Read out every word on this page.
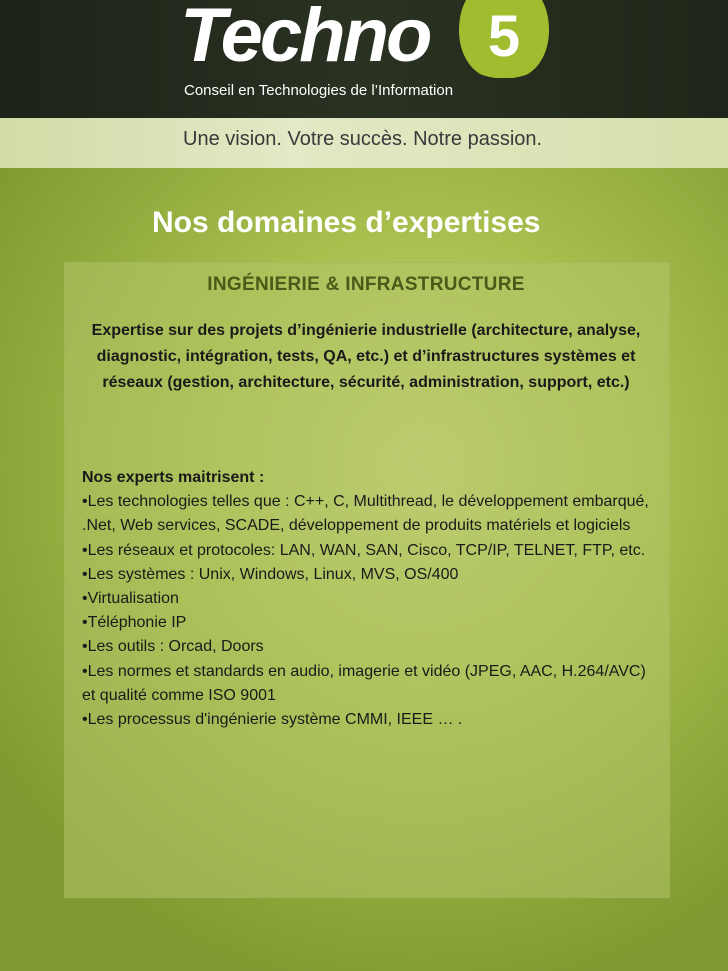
Techno	5
Conseil en Technologies de l’Information
Une vision. Votre succès. Notre passion.
Nos domaines d’expertises
INGÉNIERIE & INFRASTRUCTURE
Expertise sur des projets d’ingénierie industrielle (architecture, analyse, diagnostic, intégration, tests, QA, etc.) et d’infrastructures systèmes et réseaux (gestion, architecture, sécurité, administration, support, etc.)
Nos experts maitrisent :

•Les technologies telles que : C++, C, Multithread, le développement embarqué, .Net, Web services, SCADE, développement de produits matériels et logiciels

•Les réseaux et protocoles: LAN, WAN, SAN, Cisco, TCP/IP, TELNET, FTP, etc.

•Les systèmes : Unix, Windows, Linux, MVS, OS/400

•Virtualisation

•Téléphonie IP

•Les outils : Orcad, Doors

•Les normes et standards en audio, imagerie et vidéo (JPEG, AAC, H.264/AVC) et qualité comme ISO 9001

•Les processus d'ingénierie système CMMI, IEEE … .
